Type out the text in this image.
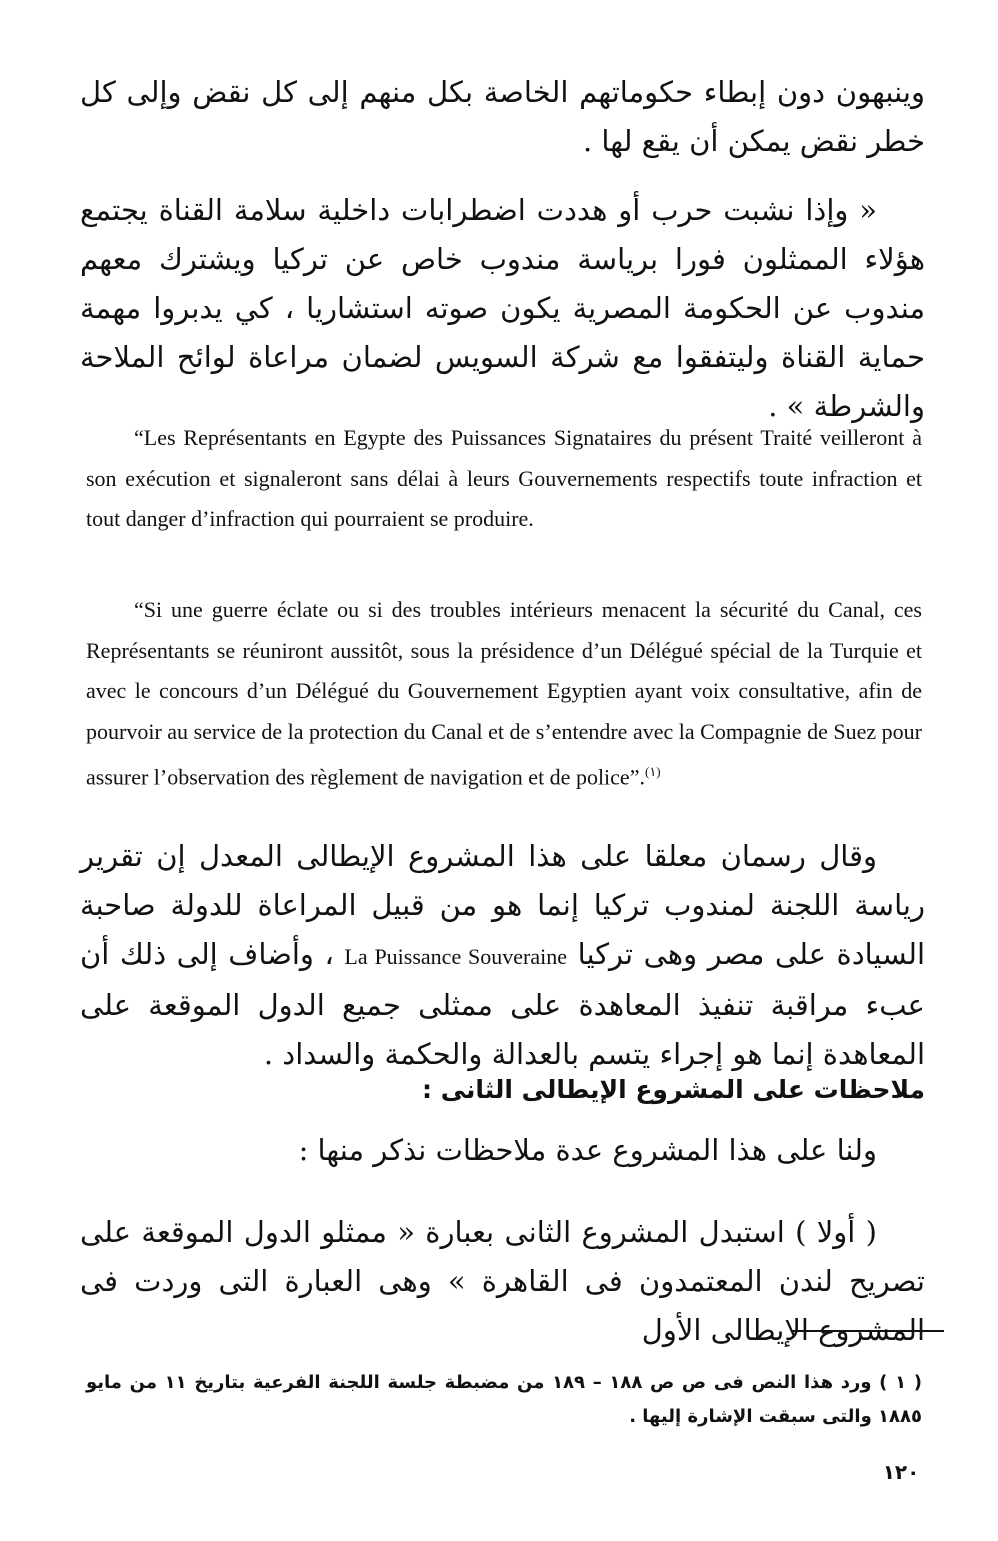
وينبهون دون إبطاء حكوماتهم الخاصة بكل منهم إلى كل نقض وإلى كل خطر نقض يمكن أن يقع لها .

« وإذا نشبت حرب أو هددت اضطرابات داخلية سلامة القناة يجتمع هؤلاء الممثلون فورا برياسة مندوب خاص عن تركيا ويشترك معهم مندوب عن الحكومة المصرية يكون صوته استشاريا ، كي يدبروا مهمة حماية القناة وليتفقوا مع شركة السويس لضمان مراعاة لوائح الملاحة والشرطة » .

“Les Représentants en Egypte des Puissances Signataires du présent Traité veilleront à son exécution et signaleront sans délai à leurs Gouvernements respectifs toute infraction et tout danger d’infraction qui pourraient se produire.

“Si une guerre éclate ou si des troubles intérieurs menacent la sécurité du Canal, ces Représentants se réuniront aussitôt, sous la présidence d’un Délégué spécial de la Turquie et avec le concours d’un Délégué du Gouvernement Egyptien ayant voix consultative, afin de pourvoir au service de la protection du Canal et de s’entendre avec la Compagnie de Suez pour assurer l’observation des règlement de navigation et de police”.$^{(١)}$

وقال رسمان معلقا على هذا المشروع الإيطالى المعدل إن تقرير رياسة اللجنة لمندوب تركيا إنما هو من قبيل المراعاة للدولة صاحبة السيادة على مصر وهى تركيا La Puissance Souveraine ، وأضاف إلى ذلك أن عبء مراقبة تنفيذ المعاهدة على ممثلى جميع الدول الموقعة على المعاهدة إنما هو إجراء يتسم بالعدالة والحكمة والسداد .

ملاحظات على المشروع الإيطالى الثانى :

ولنا على هذا المشروع عدة ملاحظات نذكر منها :

( أولا ) استبدل المشروع الثانى بعبارة « ممثلو الدول الموقعة على تصريح لندن المعتمدون فى القاهرة » وهى العبارة التى وردت فى المشروع الإيطالى الأول

( ١ ) ورد هذا النص فى ص ص ١٨٨ – ١٨٩ من مضبطة جلسة اللجنة الفرعية بتاريخ ١١ من مايو ١٨٨٥ والتى سبقت الإشارة إليها .

١٢٠
